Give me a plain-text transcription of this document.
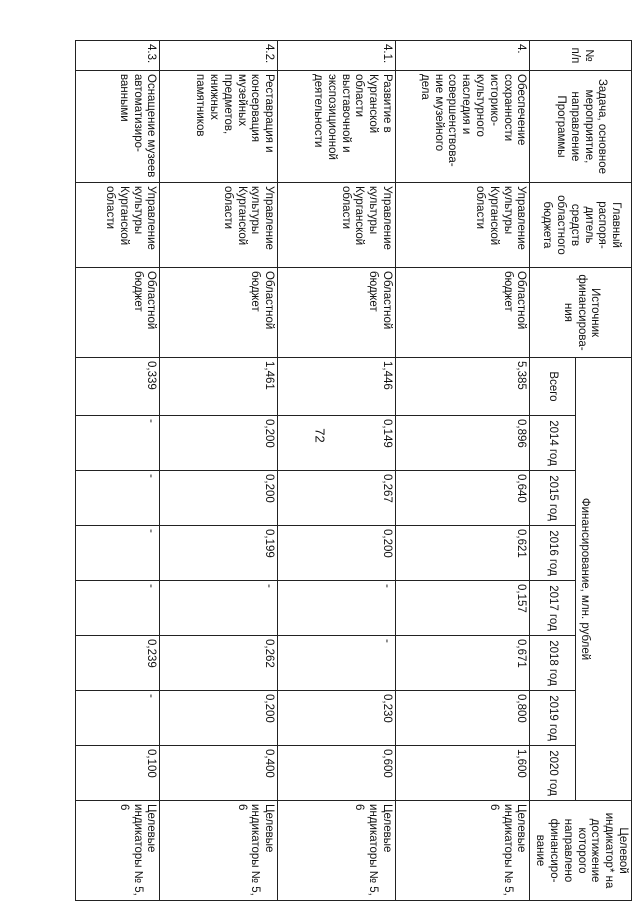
72
№ п/п	Задача, основное мероприятие, направление Программы	Главный распоря-дитель средств областного бюджета	Источник финансирова-ния	Финансирование, млн. рублей								Целевой индикатор* на достижение которого направлено финансиро-вание
				Всего	2014 год	2015 год	2016 год	2017 год	2018 год	2019 год	2020 год	
4.	Обеспечение сохранности историко-культурного наследия и совершенствова-ние музейного дела	Управление культуры Курганской области	Областной бюджет	5,385	0,896	0,640	0,621	0,157	0,671	0,800	1,600	Целевые индикаторы № 5, 6
4.1.	Развитие в Курганской области выставочной и экспозиционной деятельности	Управление культуры Курганской области	Областной бюджет	1,446	0,149	0,267	0,200	-	-	0,230	0,600	Целевые индикаторы № 5, 6
4.2.	Реставрация и консервация музейных предметов, книжных памятников	Управление культуры Курганской области	Областной бюджет	1,461	0,200	0,200	0,199	-	0,262	0,200	0,400	Целевые индикаторы № 5, 6
4.3.	Оснащение музеев автоматизиро-ванными	Управление культуры Курганской области	Областной бюджет	0,339	-	-	-	-	0,239	-	0,100	Целевые индикаторы № 5, 6
